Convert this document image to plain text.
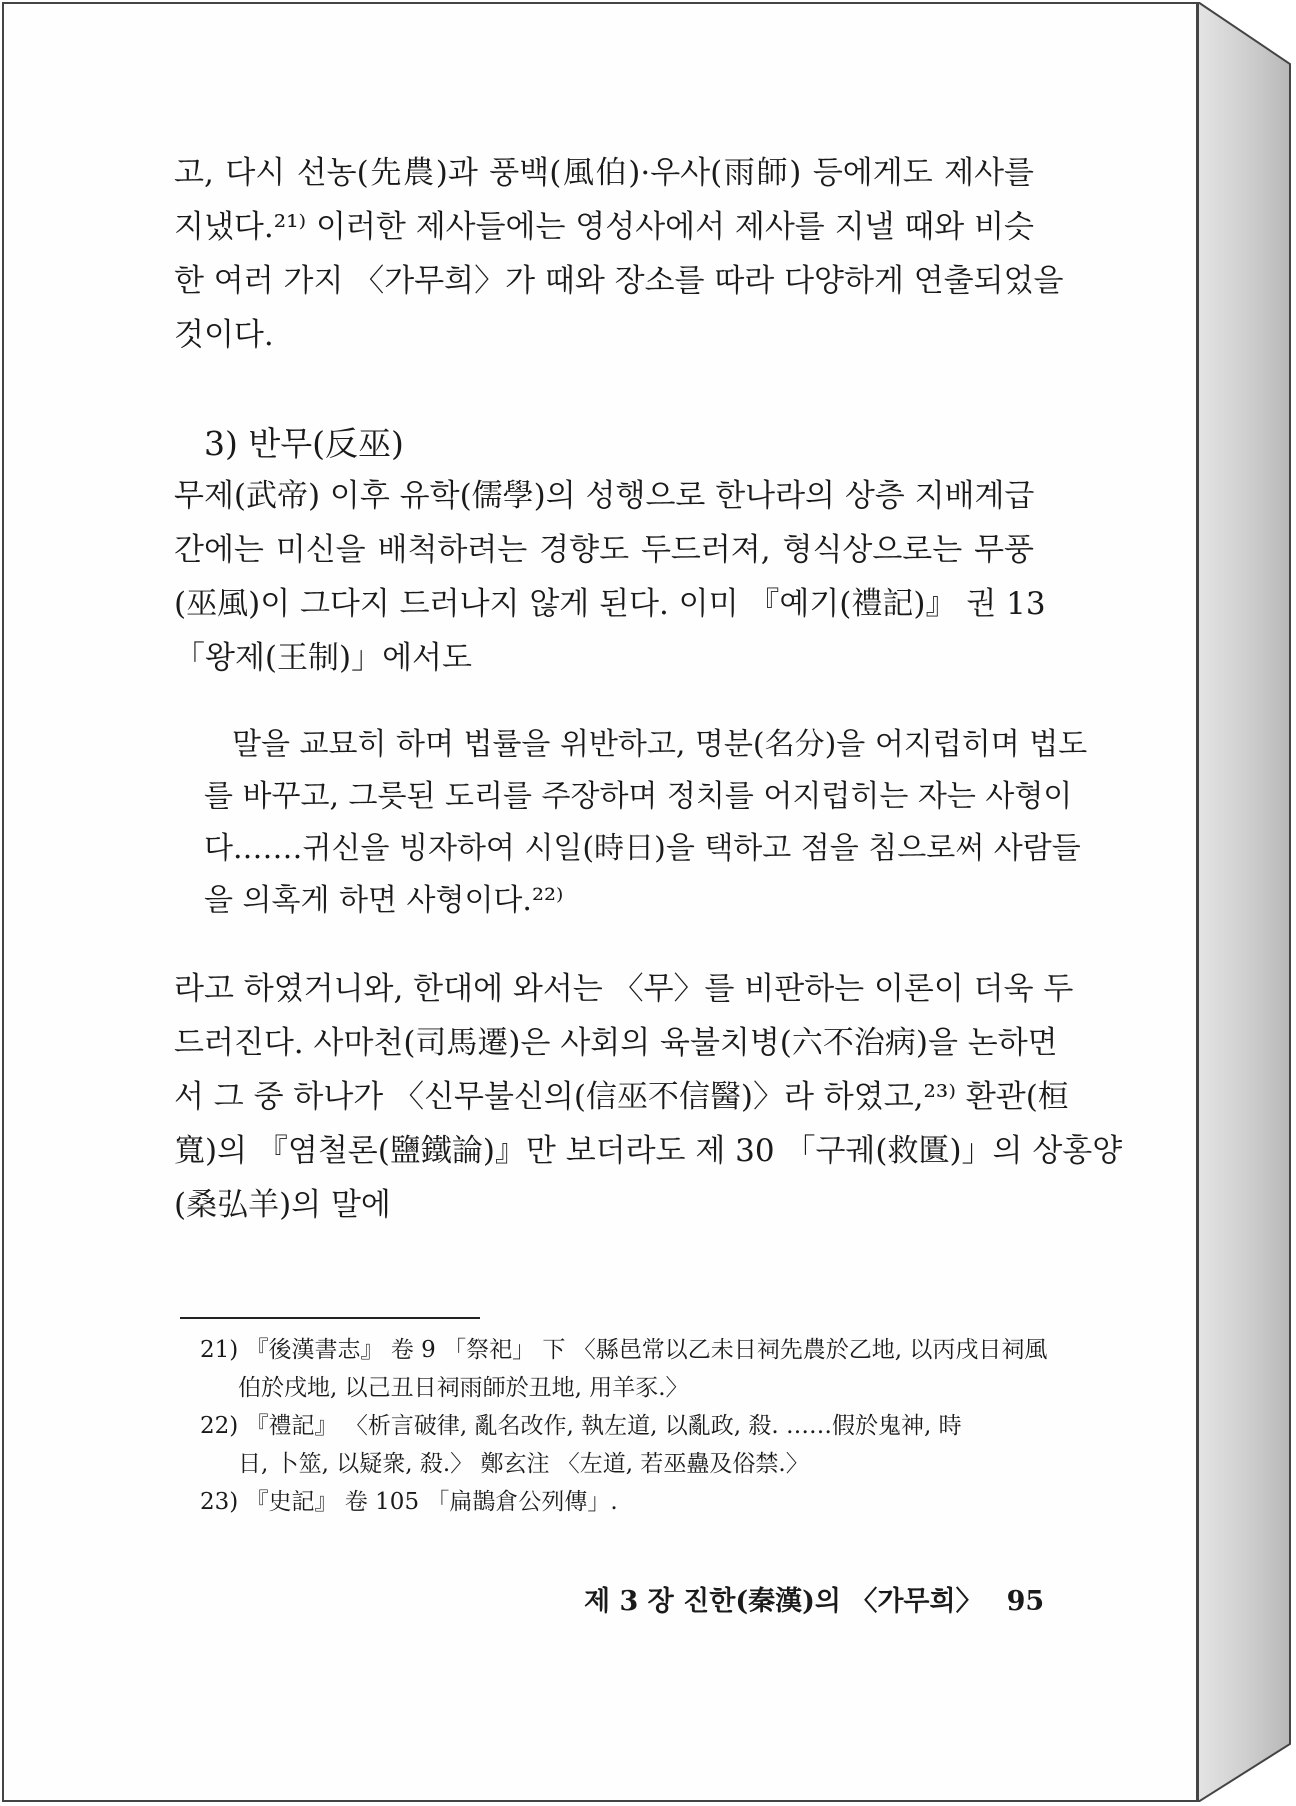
고, 다시 선농(先農)과 풍백(風伯)·우사(雨師) 등에게도 제사를
지냈다.²¹⁾ 이러한 제사들에는 영성사에서 제사를 지낼 때와 비슷
한 여러 가지 〈가무희〉가 때와 장소를 따라 다양하게 연출되었을
것이다.
3) 반무(反巫)
무제(武帝) 이후 유학(儒學)의 성행으로 한나라의 상층 지배계급
간에는 미신을 배척하려는 경향도 두드러져, 형식상으로는 무풍
(巫風)이 그다지 드러나지 않게 된다. 이미 『예기(禮記)』 권 13
「왕제(王制)」에서도
말을 교묘히 하며 법률을 위반하고, 명분(名分)을 어지럽히며 법도
를 바꾸고, 그릇된 도리를 주장하며 정치를 어지럽히는 자는 사형이
다.……귀신을 빙자하여 시일(時日)을 택하고 점을 침으로써 사람들
을 의혹게 하면 사형이다.²²⁾
라고 하였거니와, 한대에 와서는 〈무〉를 비판하는 이론이 더욱 두
드러진다. 사마천(司馬遷)은 사회의 육불치병(六不治病)을 논하면
서 그 중 하나가 〈신무불신의(信巫不信醫)〉라 하였고,²³⁾ 환관(桓
寬)의 『염철론(鹽鐵論)』만 보더라도 제 30 「구궤(救匱)」의 상홍양
(桑弘羊)의 말에
21) 『後漢書志』 卷 9 「祭祀」 下 〈縣邑常以乙未日祠先農於乙地, 以丙戌日祠風
伯於戌地, 以己丑日祠雨師於丑地, 用羊豕.〉
22) 『禮記』 〈析言破律, 亂名改作, 執左道, 以亂政, 殺. ……假於鬼神, 時
日, 卜筮, 以疑衆, 殺.〉 鄭玄注 〈左道, 若巫蠱及俗禁.〉
23) 『史記』 卷 105 「扁鵲倉公列傳」.
제 3 장 진한(秦漢)의 〈가무희〉 95
